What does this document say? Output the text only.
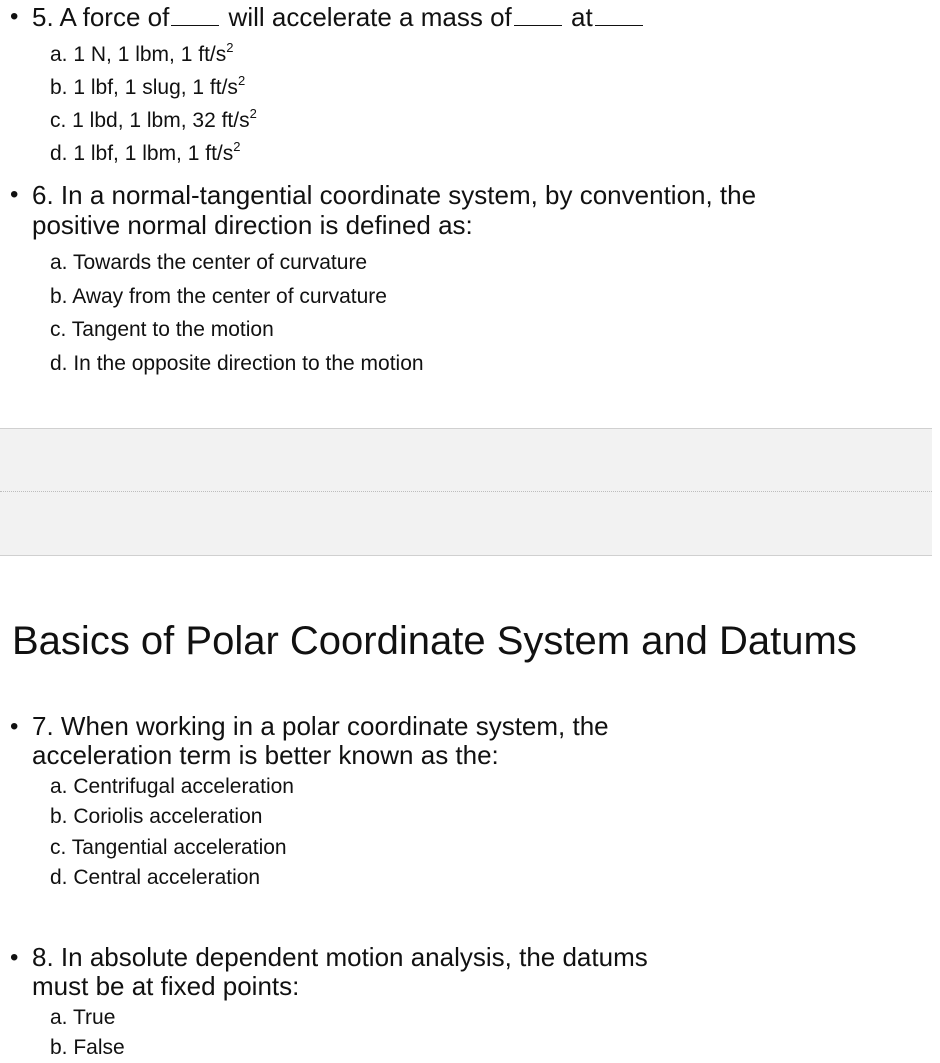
• 5. A force of will accelerate a mass of at
a. 1 N, 1 lbm, 1 $ft/s^2$
b. 1 lbf, 1 slug, 1 $ft/s^2$
c. 1 lbd, 1 lbm, 32 $ft/s^2$
d. 1 lbf, 1 lbm, 1 $ft/s^2$
• 6. In a normal-tangential coordinate system, by convention, the
positive normal direction is defined as:
a. Towards the center of curvature
b. Away from the center of curvature
c. Tangent to the motion
d. In the opposite direction to the motion
Basics of Polar Coordinate System and Datums
• 7. When working in a polar coordinate system, the
acceleration term is better known as the:
a. Centrifugal acceleration
b. Coriolis acceleration
c. Tangential acceleration
d. Central acceleration
• 8. In absolute dependent motion analysis, the datums
must be at fixed points:
a. True
b. False
